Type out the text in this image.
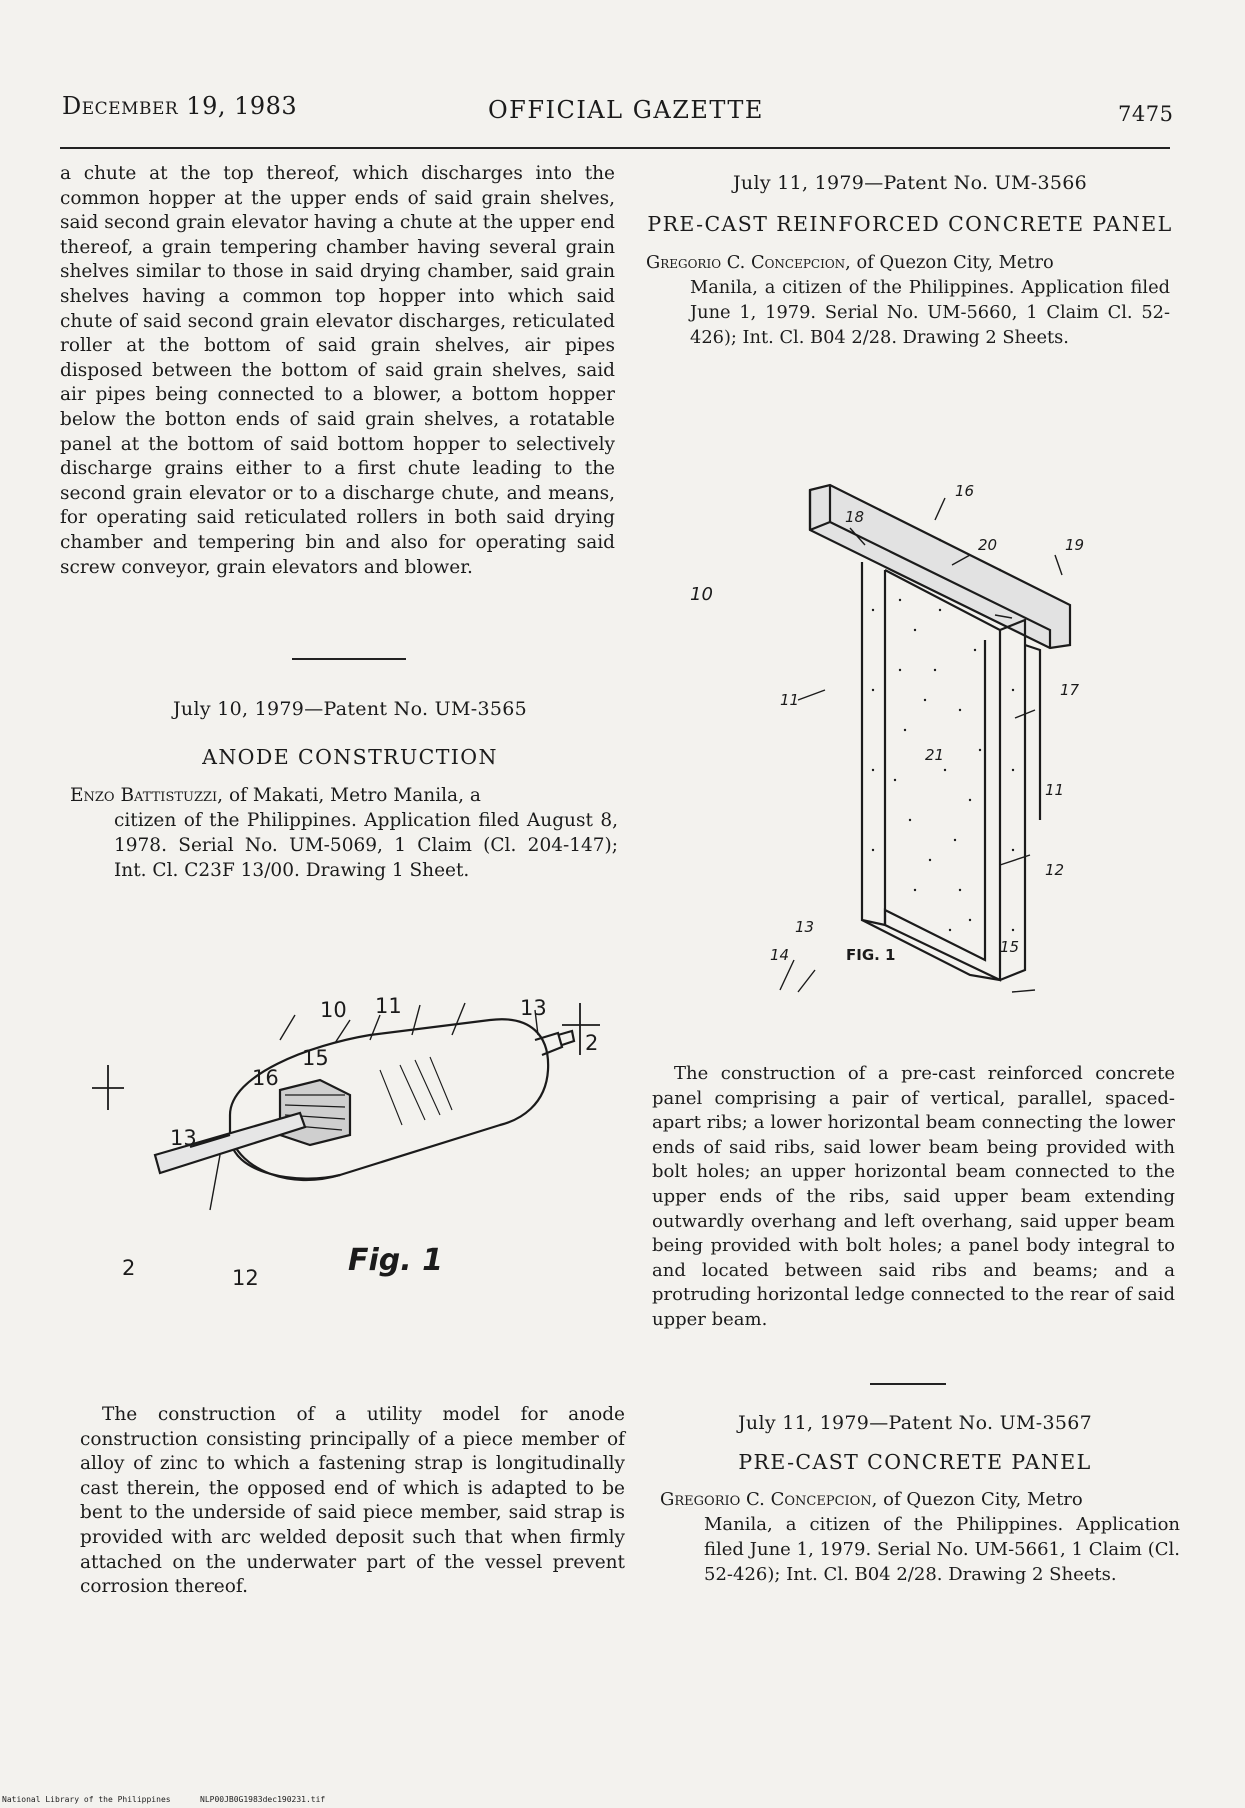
December 19, 1983	OFFICIAL GAZETTE	7475

a chute at the top thereof, which discharges into the common hopper at the upper ends of said grain shelves, said second grain elevator having a chute at the upper end thereof, a grain tempering chamber having several grain shelves similar to those in said drying chamber, said grain shelves having a common top hopper into which said chute of said second grain elevator discharges, reticulated roller at the bottom of said grain shelves, air pipes disposed between the bottom of said grain shelves, said air pipes being connected to a blower, a bottom hopper below the botton ends of said grain shelves, a rotatable panel at the bottom of said bottom hopper to selectively discharge grains either to a first chute leading to the second grain elevator or to a discharge chute, and means, for operating said reticulated rollers in both said drying chamber and tempering bin and also for operating said screw conveyor, grain elevators and blower.

July 10, 1979—Patent No. UM-3565
ANODE CONSTRUCTION
Enzo Battistuzzi, of Makati, Metro Manila, a
citizen of the Philippines. Application filed August 8, 1978. Serial No. UM-5069, 1 Claim (Cl. 204-147); Int. Cl. C23F 13/00. Drawing 1 Sheet.
10 11	13
2
16
15
13
2	12	Fig. 1

The construction of a utility model for anode construction consisting principally of a piece member of alloy of zinc to which a fastening strap is longitudinally cast therein, the opposed end of which is adapted to be bent to the underside of said piece member, said strap is provided with arc welded deposit such that when firmly attached on the underwater part of the vessel prevent corrosion thereof.

July 11, 1979—Patent No. UM-3566
PRE-CAST REINFORCED CONCRETE PANEL
Gregorio C. Concepcion, of Quezon City, Metro
Manila, a citizen of the Philippines. Application filed June 1, 1979. Serial No. UM-5660, 1 Claim Cl. 52-426); Int. Cl. B04 2/28. Drawing 2 Sheets.
16
20
18
19
10
17
11
21
11
12
14
13
15
FIG. 1

The construction of a pre-cast reinforced concrete panel comprising a pair of vertical, parallel, spaced-apart ribs; a lower horizontal beam connecting the lower ends of said ribs, said lower beam being provided with bolt holes; an upper horizontal beam connected to the upper ends of the ribs, said upper beam extending outwardly overhang and left overhang, said upper beam being provided with bolt holes; a panel body integral to and located between said ribs and beams; and a protruding horizontal ledge connected to the rear of said upper beam.

July 11, 1979—Patent No. UM-3567
PRE-CAST CONCRETE PANEL
Gregorio C. Concepcion, of Quezon City, Metro
Manila, a citizen of the Philippines. Application filed June 1, 1979. Serial No. UM-5661, 1 Claim (Cl. 52-426); Int. Cl. B04 2/28. Drawing 2 Sheets.
National Library of the Philippines	NLP00JB0G1983dec190231.tif
